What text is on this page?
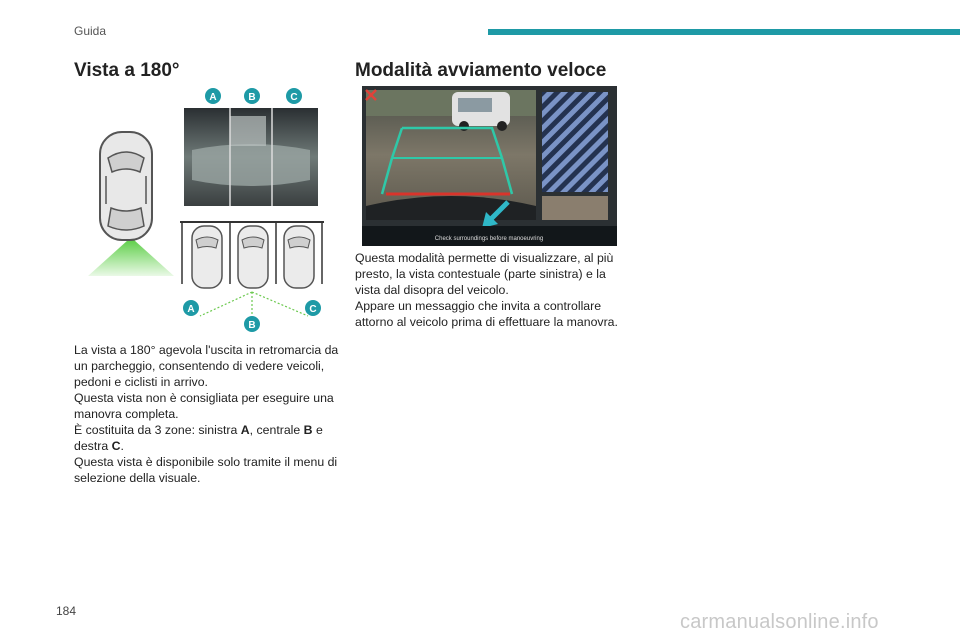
Guida
Vista a 180°	Modalità avviamento veloce
A	B	C
A
B
C
Check surroundings before manoeuvring

La vista a 180° agevola l'uscita in retromarcia da un parcheggio, consentendo di vedere veicoli, pedoni e ciclisti in arrivo.

Questa vista non è consigliata per eseguire una manovra completa.

È costituita da 3 zone: sinistra A, centrale B e destra C.

Questa vista è disponibile solo tramite il menu di selezione della visuale.

Questa modalità permette di visualizzare, al più presto, la vista contestuale (parte sinistra) e la vista dal disopra del veicolo.

Appare un messaggio che invita a controllare attorno al veicolo prima di effettuare la manovra.

184	carmanualsonline.info
